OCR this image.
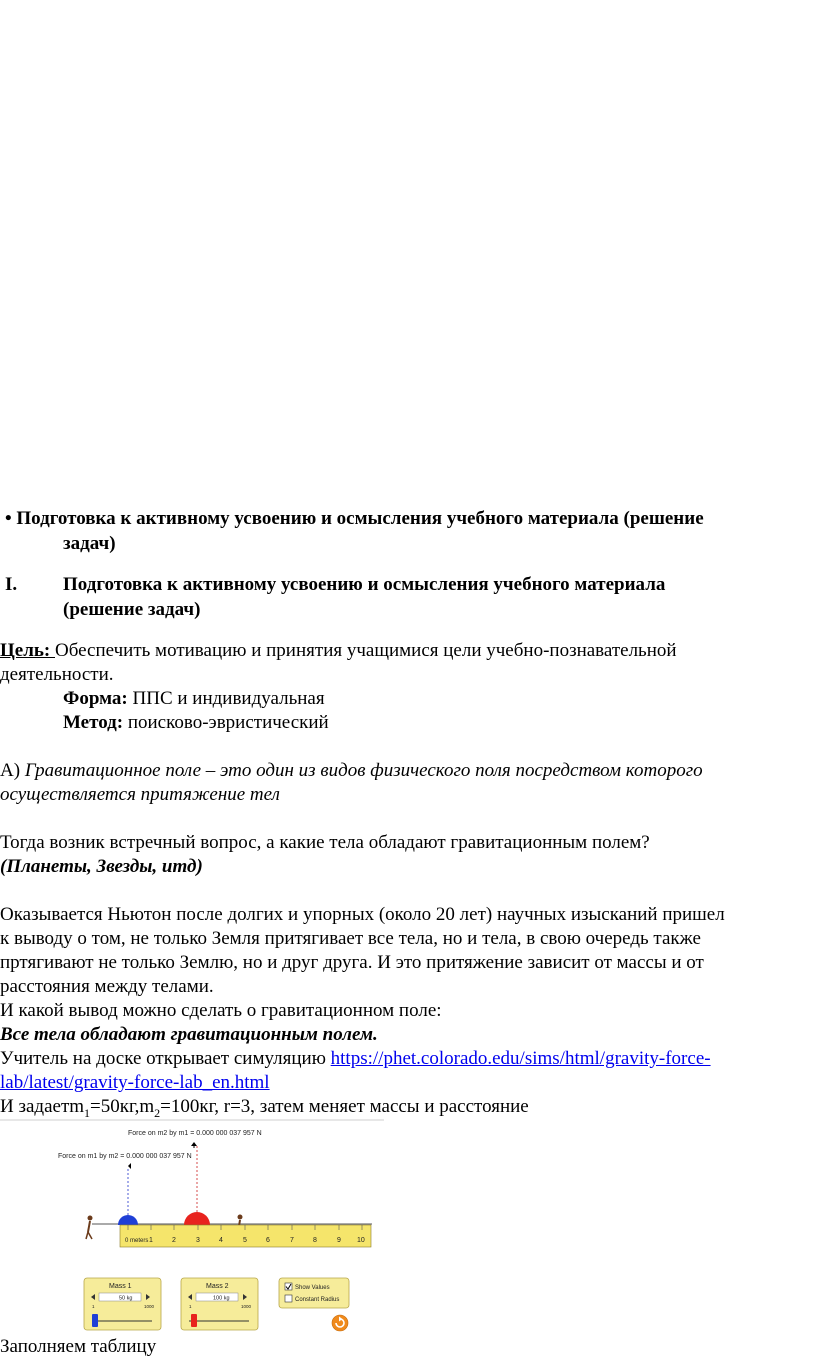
• Подготовка к активному усвоению и осмысления учебного материала (решение
задач)
I. Подготовка к активному усвоению и осмысления учебного материала
(решение задач)
Цель: Обеспечить мотивацию и принятия учащимися цели учебно-познавательной
деятельности.
Форма: ППС и индивидуальная
Метод: поисково-эвристический
А) Гравитационное поле – это один из видов физического поля посредством которого
осуществляется притяжение тел
Тогда возник встречный вопрос, а какие тела обладают гравитационным полем?
(Планеты, Звезды, итд)
Оказывается Ньютон после долгих и упорных (около 20 лет) научных изысканий пришел
к выводу о том, не только Земля притягивает все тела, но и тела, в свою очередь также
пртягивают не только Землю, но и друг друга. И это притяжение зависит от массы и от
расстояния между телами.
И какой вывод можно сделать о гравитационном поле:
Все тела обладают гравитационным полем.
Учитель на доске открывает симуляцию https://phet.colorado.edu/sims/html/gravity-force-
lab/latest/gravity-force-lab_en.html
И $задаетm_1=50кг,m_2=100кг$, r=3, затем меняет массы и расстояние
Force on m2 by m1 = 0.000 000 037 957 N
Force on m1 by m2 = 0.000 000 037 957 N
0 meters 1	2	3	4	5	6	7	8	9 10
Mass 1
50 kg
1	1000
Mass 2
100 kg
1	1000
Show Values
Constant Radius
Заполняем таблицу
